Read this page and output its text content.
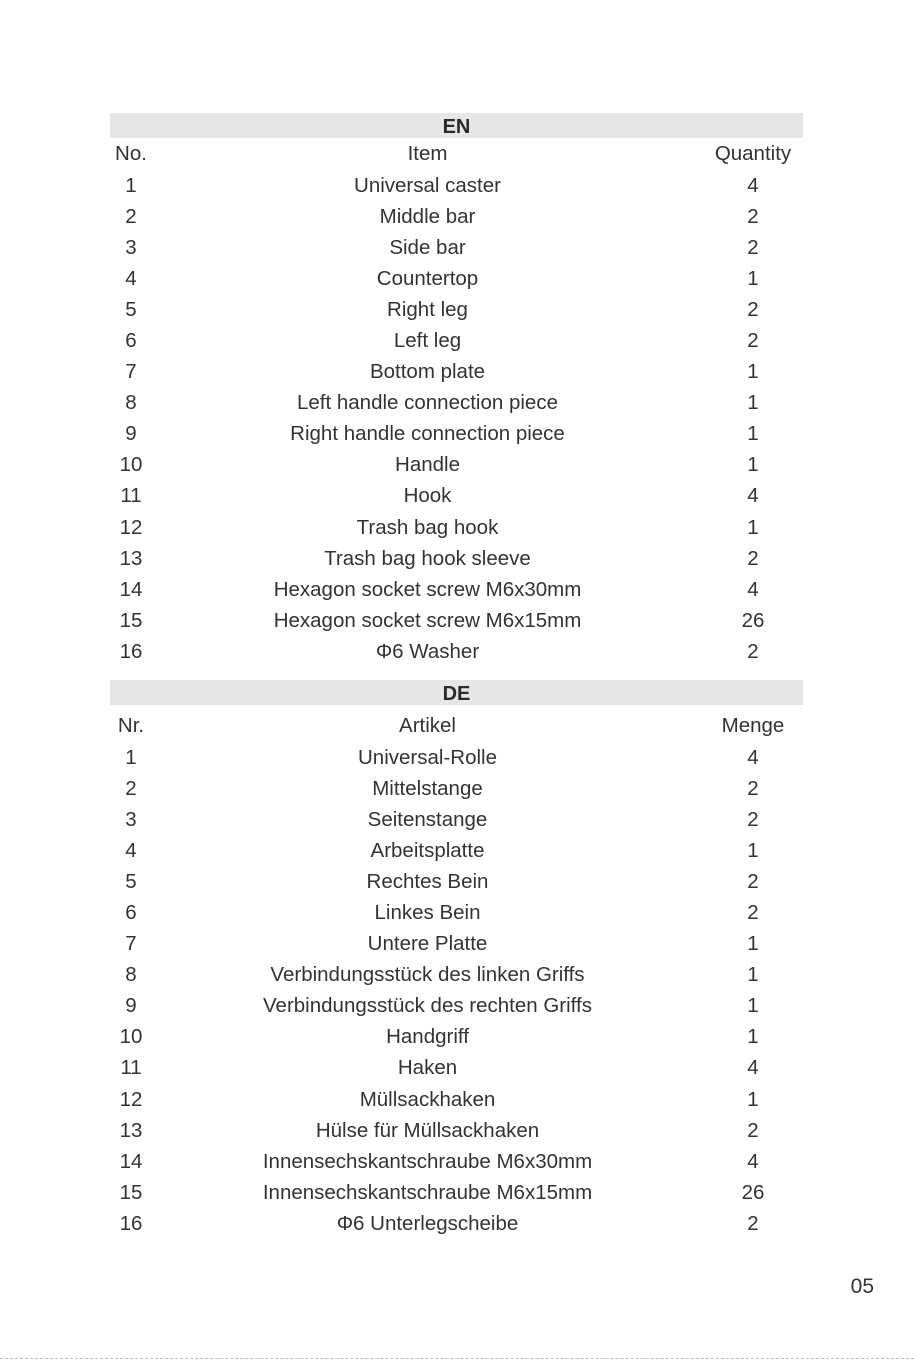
EN
No.	Item	Quantity
1	Universal caster	4
2	Middle bar	2
3	Side bar	2
4	Countertop	1
5	Right leg	2
6	Left leg	2
7	Bottom plate	1
8	Left handle connection piece	1
9	Right handle connection piece	1
10	Handle	1
11	Hook	4
12	Trash bag hook	1
13	Trash bag hook sleeve	2
14	Hexagon socket screw M6x30mm	4
15	Hexagon socket screw M6x15mm	26
16	Φ6 Washer	2
DE
Nr.	Artikel	Menge
1	Universal-Rolle	4
2	Mittelstange	2
3	Seitenstange	2
4	Arbeitsplatte	1
5	Rechtes Bein	2
6	Linkes Bein	2
7	Untere Platte	1
8	Verbindungsstück des linken Griffs	1
9	Verbindungsstück des rechten Griffs	1
10	Handgriff	1
11	Haken	4
12	Müllsackhaken	1
13	Hülse für Müllsackhaken	2
14	Innensechskantschraube M6x30mm	4
15	Innensechskantschraube M6x15mm	26
16	Φ6 Unterlegscheibe	2
05
